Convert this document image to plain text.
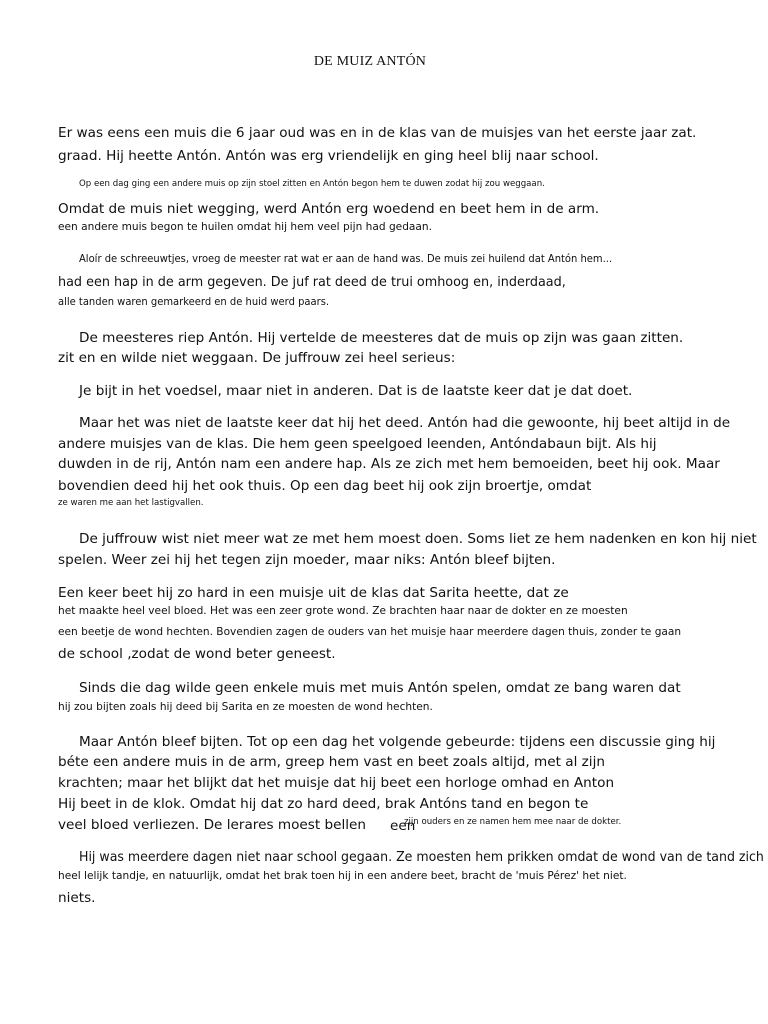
DE MUIZ ANTÓN
Er was eens een muis die 6 jaar oud was en in de klas van de muisjes van het eerste jaar zat.
graad. Hij heette Antón. Antón was erg vriendelijk en ging heel blij naar school.
Op een dag ging een andere muis op zijn stoel zitten en Antón begon hem te duwen zodat hij zou weggaan.
Omdat de muis niet wegging, werd Antón erg woedend en beet hem in de arm.
een andere muis begon te huilen omdat hij hem veel pijn had gedaan.
Aloír de schreeuwtjes, vroeg de meester rat wat er aan de hand was. De muis zei huilend dat Antón hem...
had een hap in de arm gegeven. De juf rat deed de trui omhoog en, inderdaad,
alle tanden waren gemarkeerd en de huid werd paars.
De meesteres riep Antón. Hij vertelde de meesteres dat de muis op zijn was gaan zitten.
zit en en wilde niet weggaan. De juffrouw zei heel serieus:
Je bijt in het voedsel, maar niet in anderen. Dat is de laatste keer dat je dat doet.
Maar het was niet de laatste keer dat hij het deed. Antón had die gewoonte, hij beet altijd in de
andere muisjes van de klas. Die hem geen speelgoed leenden, Antóndabaun bijt. Als hij
duwden in de rij, Antón nam een andere hap. Als ze zich met hem bemoeiden, beet hij ook. Maar
bovendien deed hij het ook thuis. Op een dag beet hij ook zijn broertje, omdat
ze waren me aan het lastigvallen.
De juffrouw wist niet meer wat ze met hem moest doen. Soms liet ze hem nadenken en kon hij niet
spelen. Weer zei hij het tegen zijn moeder, maar niks: Antón bleef bijten.
Een keer beet hij zo hard in een muisje uit de klas dat Sarita heette, dat ze
het maakte heel veel bloed. Het was een zeer grote wond. Ze brachten haar naar de dokter en ze moesten
een beetje de wond hechten. Bovendien zagen de ouders van het muisje haar meerdere dagen thuis, zonder te gaan
de school ,zodat de wond beter geneest.
Sinds die dag wilde geen enkele muis met muis Antón spelen, omdat ze bang waren dat
hij zou bijten zoals hij deed bij Sarita en ze moesten de wond hechten.
Maar Antón bleef bijten. Tot op een dag het volgende gebeurde: tijdens een discussie ging hij
béte een andere muis in de arm, greep hem vast en beet zoals altijd, met al zijn
krachten; maar het blijkt dat het muisje dat hij beet een horloge omhad en Anton
Hij beet in de klok. Omdat hij dat zo hard deed, brak Antóns tand en begon te
veel bloed verliezen. De lerares moest bellen een
zijn ouders en ze namen hem mee naar de dokter.
Hij was meerdere dagen niet naar school gegaan. Ze moesten hem prikken omdat de wond van de tand zich
heel lelijk tandje, en natuurlijk, omdat het brak toen hij in een andere beet, bracht de 'muis Pérez' het niet.
niets.
